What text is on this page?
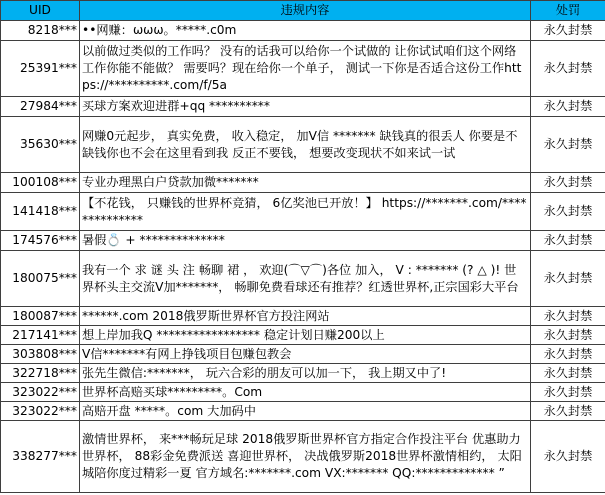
UID	违规内容	处罚
8218***	••网赚：ωωω。*****.c0m	永久封禁
25391***	以前做过类似的工作吗？ 没有的话我可以给你一个试做的 让你试试咱们这个网络工作你能不能做？ 需要吗？现在给你一个单子， 测试一下你是否适合这份工作https://**********.com/f/5a	永久封禁
27984***	买球方案欢迎进群+qq **********	永久封禁
35630***	网赚0元起步， 真实免费， 收入稳定， 加V信 ******* 缺钱真的很丢人 你要是不缺钱你也不会在这里看到我 反正不要钱， 想要改变现状不如来试一试	永久封禁
100108***	专业办理黑白户贷款加微*******	永久封禁
141418***	【不花钱， 只赚钱的世界杯竞猜， 6亿奖池已开放！】 https://*******.com/**************	永久封禁
174576***	暑假💍 + **************	永久封禁
180075***	我有一个 求 谜 头 注 畅聊 裙 ， 欢迎(⌒▽⌒)各位 加入， V : ******* (? △ )! 世界杯头主交流V加*******， 畅聊免费看球还有推荐？红透世界杯,正宗国彩大平台	永久封禁
180087***	******.com 2018俄罗斯世界杯官方投注网站	永久封禁
217141***	想上岸加我Q ***************** 稳定计划日赚200以上	永久封禁
303808***	V信*******有网上挣钱项目包赚包教会	永久封禁
322718***	张先生微信:*******， 玩六合彩的朋友可以加一下， 我上期又中了!	永久封禁
323022***	世界杯高赔买球*********。Com	永久封禁
323022***	高赔开盘 *****。com 大加码中	永久封禁
338277***	激情世界杯， 来***畅玩足球 2018俄罗斯世界杯官方指定合作投注平台 优惠助力世界杯， 88彩金免费派送 喜迎世界杯， 决战俄罗斯2018世界杯激情相约， 太阳城陪你度过精彩一夏 官方域名:*******.com VX:******* QQ:************* ”	永久封禁
